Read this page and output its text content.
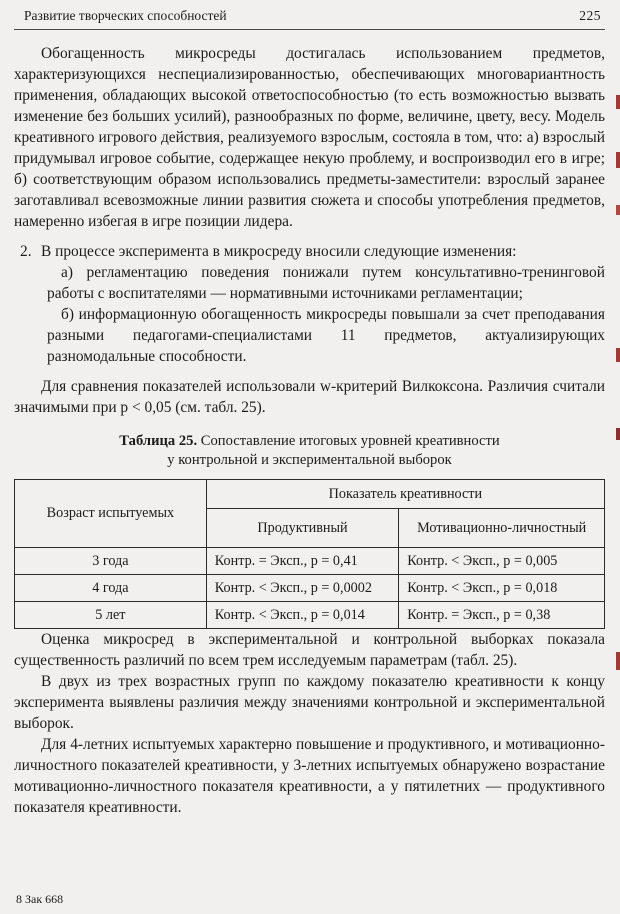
Развитие творческих способностей	225

Обогащенность микросреды достигалась использованием предметов, характеризующихся неспециализированностью, обеспечивающих многовариантность применения, обладающих высокой ответоспособностью (то есть возможностью вызвать изменение без больших усилий), разнообразных по форме, величине, цвету, весу. Модель креативного игрового действия, реализуемого взрослым, состояла в том, что: а) взрослый придумывал игровое событие, содержащее некую проблему, и воспроизводил его в игре; б) соответствующим образом использовались предметы-заместители: взрослый заранее заготавливал всевозможные линии развития сюжета и способы употребления предметов, намеренно избегая в игре позиции лидера.

2. В процессе эксперимента в микросреду вносили следующие изменения:

а) регламентацию поведения понижали путем консультативно-тренинговой работы с воспитателями — нормативными источниками регламентации;

б) информационную обогащенность микросреды повышали за счет преподавания разными педагогами-специалистами 11 предметов, актуализирующих разномодальные способности.

Для сравнения показателей использовали w-критерий Вилкоксона. Различия считали значимыми при p < 0,05 (см. табл. 25).

Таблица 25. Сопоставление итоговых уровней креативности
у контрольной и экспериментальной выборок
Возраст испытуемых	Показатель креативности	
	Продуктивный	Мотивационно-личностный
3 года	Контр. = Эксп., p = 0,41	Контр. < Эксп., p = 0,005
4 года	Контр. < Эксп., p = 0,0002	Контр. < Эксп., p = 0,018
5 лет	Контр. < Эксп., p = 0,014	Контр. = Эксп., p = 0,38

Оценка микросред в экспериментальной и контрольной выборках показала существенность различий по всем трем исследуемым параметрам (табл. 25).

В двух из трех возрастных групп по каждому показателю креативности к концу эксперимента выявлены различия между значениями контрольной и экспериментальной выборок.

Для 4-летних испытуемых характерно повышение и продуктивного, и мотивационно-личностного показателей креативности, у 3-летних испытуемых обнаружено возрастание мотивационно-личностного показателя креативности, а у пятилетних — продуктивного показателя креативности.

8 Зак 668
